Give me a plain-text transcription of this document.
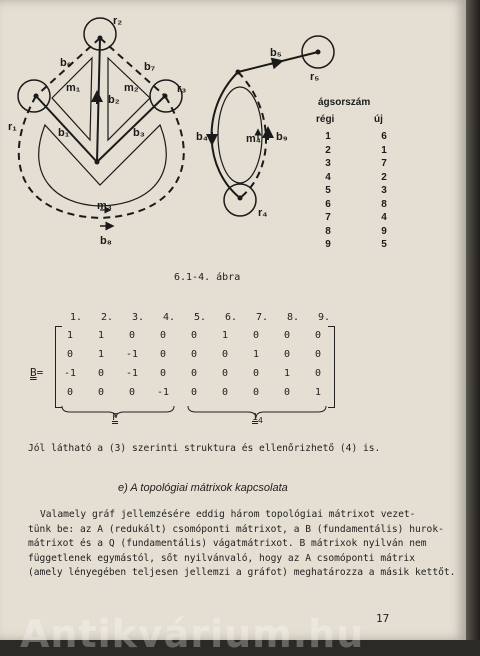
r₂
r₁
r₃
b₆	b₇
b₁
b₂
b₃
m₁	m₂
m₃
b₈
b₅
r₅
b₄	b₉
m₄
r₄
ágsorszám
régi	új
1	6
2	1
3	7
4	2
5	3
6	8
7	4
8	9
9	5
6.1-4. ábra
1. 2. 3. 4. 5. 6. 7. 8. 9.
B=
1	1	0	0	0	1	0	0	0
0	1	-1	0	0	0	1	0	0
-1	0	-1	0	0	0	0	1	0
0	0	0	-1	0	0	0	0	1
F	$1_4$
Jól látható a (3) szerinti struktura és ellenőrizhető (4) is.
e) A topológiai mátrixok kapcsolata
Valamely gráf jellemzésére eddig három topológiai mátrixot vezet-
tünk be: az A (redukált) csomóponti mátrixot, a B (fundamentális) hurok-
mátrixot és a Q (fundamentális) vágatmátrixot. B mátrixok nyilván nem
függetlenek egymástól, sőt nyilvánvaló, hogy az A csomóponti mátrix
(amely lényegében teljesen jellemzi a gráfot) meghatározza a másik kettőt.
17
Antikvárium.hu
